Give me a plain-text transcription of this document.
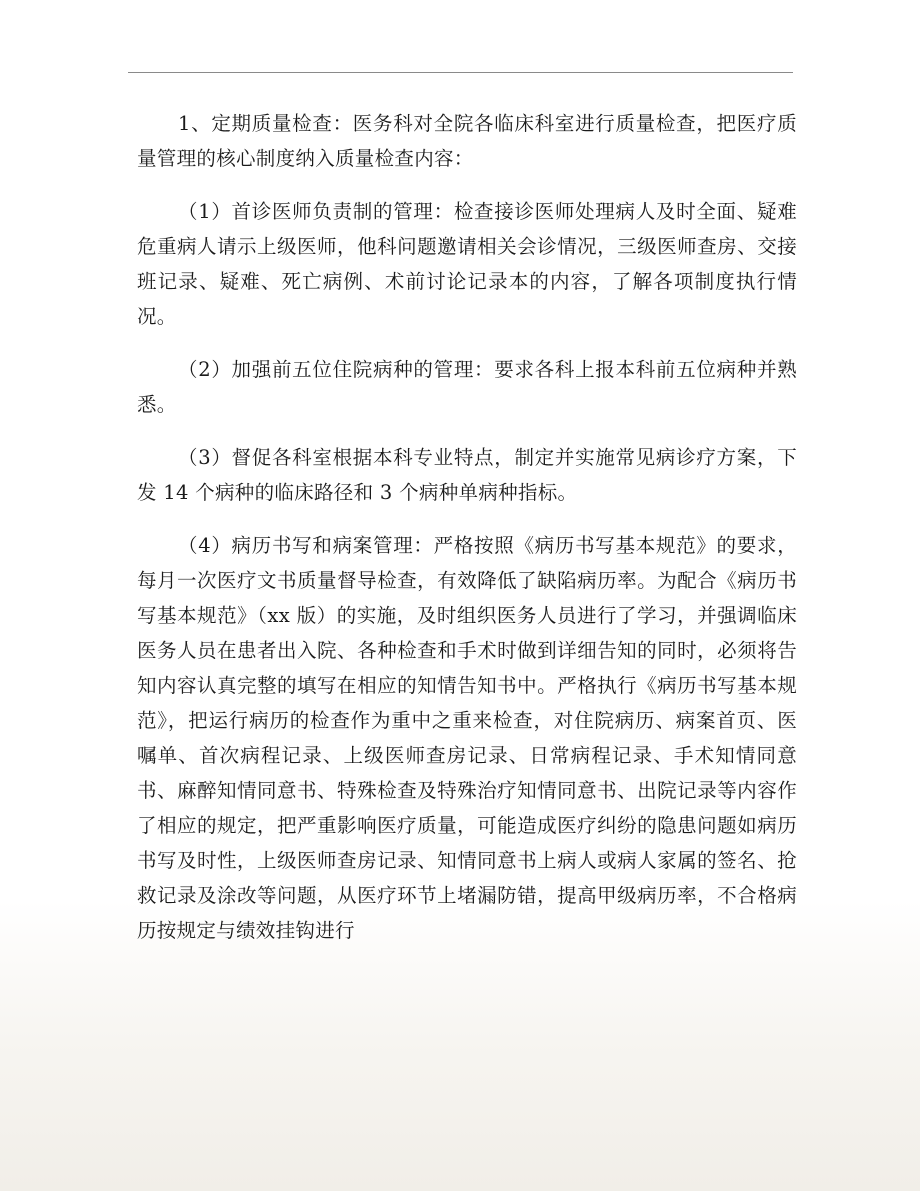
1、定期质量检查：医务科对全院各临床科室进行质量检查，把医疗质量管理的核心制度纳入质量检查内容：

（1）首诊医师负责制的管理：检查接诊医师处理病人及时全面、疑难危重病人请示上级医师，他科问题邀请相关会诊情况，三级医师查房、交接班记录、疑难、死亡病例、术前讨论记录本的内容，了解各项制度执行情况。

（2）加强前五位住院病种的管理：要求各科上报本科前五位病种并熟悉。

（3）督促各科室根据本科专业特点，制定并实施常见病诊疗方案，下发 14 个病种的临床路径和 3 个病种单病种指标。

（4）病历书写和病案管理：严格按照《病历书写基本规范》的要求，每月一次医疗文书质量督导检查，有效降低了缺陷病历率。为配合《病历书写基本规范》（xx 版）的实施，及时组织医务人员进行了学习，并强调临床医务人员在患者出入院、各种检查和手术时做到详细告知的同时，必须将告知内容认真完整的填写在相应的知情告知书中。严格执行《病历书写基本规范》，把运行病历的检查作为重中之重来检查，对住院病历、病案首页、医嘱单、首次病程记录、上级医师查房记录、日常病程记录、手术知情同意书、麻醉知情同意书、特殊检查及特殊治疗知情同意书、出院记录等内容作了相应的规定，把严重影响医疗质量，可能造成医疗纠纷的隐患问题如病历书写及时性，上级医师查房记录、知情同意书上病人或病人家属的签名、抢救记录及涂改等问题，从医疗环节上堵漏防错，提高甲级病历率，不合格病历按规定与绩效挂钩进行
